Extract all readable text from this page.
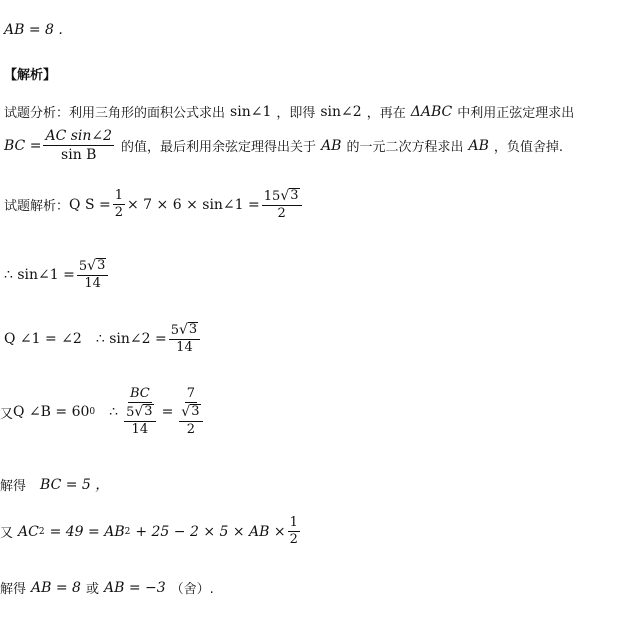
AB = 8 .
【解析】
试题分析： 利用三角形的面积公式求出 sin∠1 ，即得 sin∠2 ，再在 ΔABC 中利用正弦定理求出
BC = $\frac{\text{AC sin∠2}}{\text{sin B}}$ 的值，最后利用余弦定理得出关于 AB 的一元二次方程求出 AB ，负值舍掉.
试题解析： Q $S = \frac{1}{2} \times 7 \times 6$ × sin∠1 = $\frac{15 √ 3}{2}$
∴ sin∠1 = $\frac{5 √ 3}{14}$
Q ∠1 = ∠2 ∴ sin∠2 = $\frac{5 √ 3}{14}$
又 Q ∠B = 60 0 ∴ $\frac{BC}{\frac{5 √ 3}{14}} = \frac{7}{\frac{√ 3}{2}}$
解得 BC = 5 ，
又 AC 2 = 49 = AB 2 + 25 − 2 × 5 × AB × $\frac{1}{2}$
解得 AB = 8 或 AB = −3 （舍）.
